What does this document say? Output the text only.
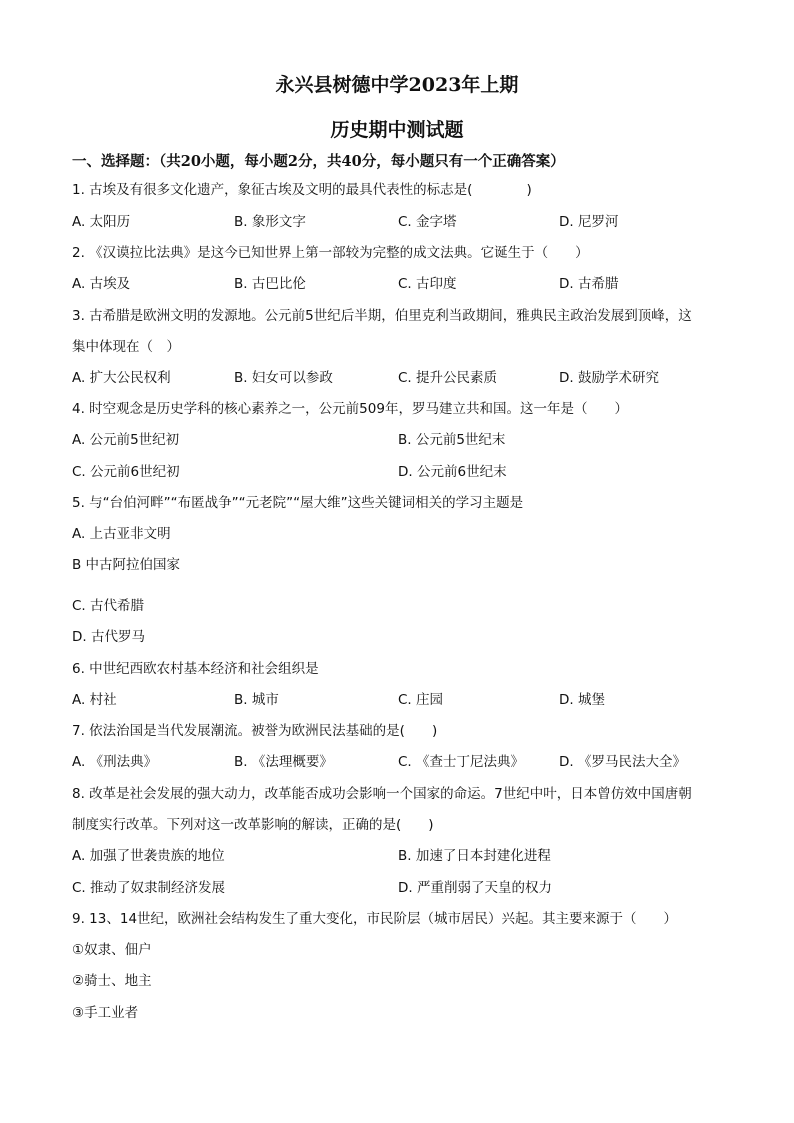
永兴县树德中学2023年上期
历史期中测试题
一、选择题：（共20小题，每小题2分，共40分，每小题只有一个正确答案）
1. 古埃及有很多文化遗产，象征古埃及文明的最具代表性的标志是(　　　　)
A. 太阳历	B. 象形文字	C. 金字塔	D. 尼罗河
2. 《汉谟拉比法典》是这今已知世界上第一部较为完整的成文法典。它诞生于（　　）
A. 古埃及	B. 古巴比伦	C. 古印度	D. 古希腊
3. 古希腊是欧洲文明的发源地。公元前5世纪后半期，伯里克利当政期间，雅典民主政治发展到顶峰，这
集中体现在（　）
A. 扩大公民权利	B. 妇女可以参政	C. 提升公民素质	D. 鼓励学术研究
4. 时空观念是历史学科的核心素养之一，公元前509年，罗马建立共和国。这一年是（　　）
A. 公元前5世纪初	B. 公元前5世纪末
C. 公元前6世纪初	D. 公元前6世纪末
5. 与“台伯河畔”“布匿战争”“元老院”“屋大维”这些关键词相关的学习主题是
A. 上古亚非文明
B 中古阿拉伯国家
C. 古代希腊
D. 古代罗马
6. 中世纪西欧农村基本经济和社会组织是
A. 村社	B. 城市	C. 庄园	D. 城堡
7. 依法治国是当代发展潮流。被誉为欧洲民法基础的是(　　)
A. 《刑法典》	B. 《法理概要》	C. 《查士丁尼法典》	D. 《罗马民法大全》
8. 改革是社会发展的强大动力，改革能否成功会影响一个国家的命运。7世纪中叶，日本曾仿效中国唐朝
制度实行改革。下列对这一改革影响的解读，正确的是(　　)
A. 加强了世袭贵族的地位	B. 加速了日本封建化进程
C. 推动了奴隶制经济发展	D. 严重削弱了天皇的权力
9. 13、14世纪，欧洲社会结构发生了重大变化，市民阶层（城市居民）兴起。其主要来源于（　　）
①奴隶、佃户
②骑士、地主
③手工业者
